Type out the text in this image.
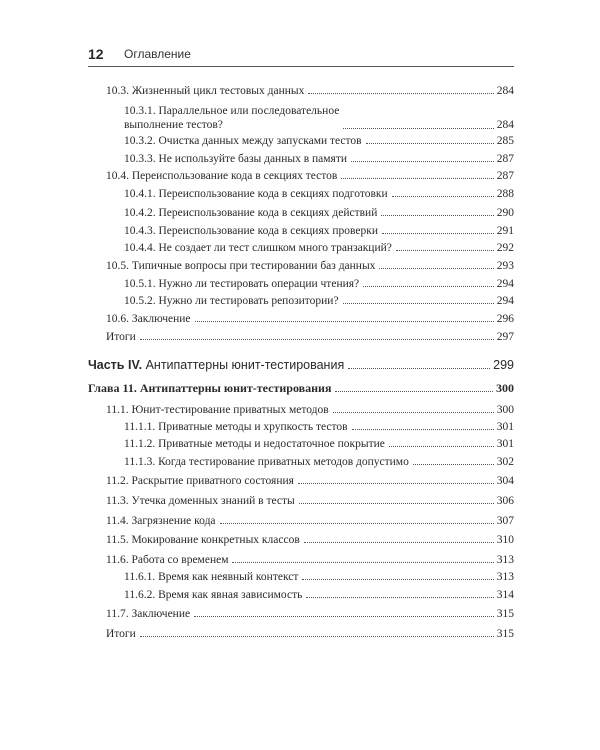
12 Оглавление
10.3. Жизненный цикл тестовых данных	284
10.3.1. Параллельное или последовательное
выполнение тестов?	284
10.3.2. Очистка данных между запусками тестов	285
10.3.3. Не используйте базы данных в памяти	287
10.4. Переиспользование кода в секциях тестов	287
10.4.1. Переиспользование кода в секциях подготовки	288
10.4.2. Переиспользование кода в секциях действий	290
10.4.3. Переиспользование кода в секциях проверки	291
10.4.4. Не создает ли тест слишком много транзакций?	292
10.5. Типичные вопросы при тестировании баз данных	293
10.5.1. Нужно ли тестировать операции чтения?	294
10.5.2. Нужно ли тестировать репозитории?	294
10.6. Заключение	296
Итоги	297
Часть IV. Антипаттерны юнит-тестирования	299
Глава 11. Антипаттерны юнит-тестирования	300
11.1. Юнит-тестирование приватных методов	300
11.1.1. Приватные методы и хрупкость тестов	301
11.1.2. Приватные методы и недостаточное покрытие	301
11.1.3. Когда тестирование приватных методов допустимо	302
11.2. Раскрытие приватного состояния	304
11.3. Утечка доменных знаний в тесты	306
11.4. Загрязнение кода	307
11.5. Мокирование конкретных классов	310
11.6. Работа со временем	313
11.6.1. Время как неявный контекст	313
11.6.2. Время как явная зависимость	314
11.7. Заключение	315
Итоги	315
